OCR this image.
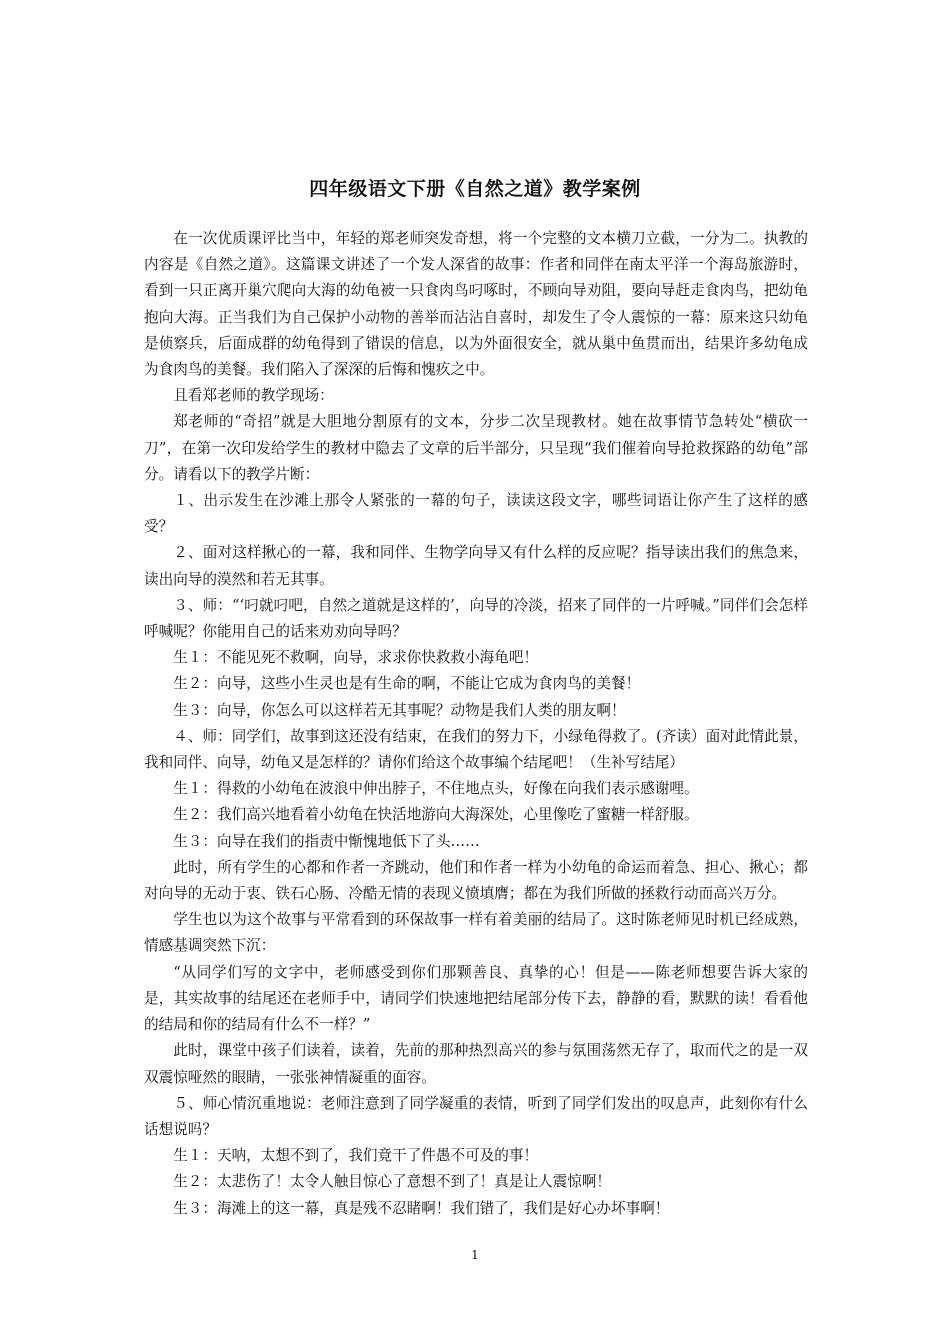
四年级语文下册《自然之道》教学案例

在一次优质课评比当中，年轻的郑老师突发奇想，将一个完整的文本横刀立截，一分为二。执教的内容是《自然之道》。这篇课文讲述了一个发人深省的故事：作者和同伴在南太平洋一个海岛旅游时，看到一只正离开巢穴爬向大海的幼龟被一只食肉鸟叼啄时，不顾向导劝阻，要向导赶走食肉鸟，把幼龟抱向大海。正当我们为自己保护小动物的善举而沾沾自喜时，却发生了令人震惊的一幕：原来这只幼龟是侦察兵，后面成群的幼龟得到了错误的信息，以为外面很安全，就从巢中鱼贯而出，结果许多幼龟成为食肉鸟的美餐。我们陷入了深深的后悔和愧疚之中。

且看郑老师的教学现场：

郑老师的“奇招”就是大胆地分割原有的文本，分步二次呈现教材。她在故事情节急转处“横砍一刀”，在第一次印发给学生的教材中隐去了文章的后半部分，只呈现“我们催着向导抢救探路的幼龟”部分。请看以下的教学片断：

１、出示发生在沙滩上那令人紧张的一幕的句子，读读这段文字，哪些词语让你产生了这样的感受？

２、面对这样揪心的一幕，我和同伴、生物学向导又有什么样的反应呢？指导读出我们的焦急来，读出向导的漠然和若无其事。

３、师：“‘叼就叼吧，自然之道就是这样的’，向导的冷淡，招来了同伴的一片呼喊。”同伴们会怎样呼喊呢？你能用自己的话来劝劝向导吗？

生１：不能见死不救啊，向导，求求你快救救小海龟吧！

生２：向导，这些小生灵也是有生命的啊，不能让它成为食肉鸟的美餐！

生３：向导，你怎么可以这样若无其事呢？动物是我们人类的朋友啊！

４、师：同学们，故事到这还没有结束，在我们的努力下，小绿龟得救了。(齐读）面对此情此景，我和同伴、向导，幼龟又是怎样的？请你们给这个故事编个结尾吧！（生补写结尾）

生１：得救的小幼龟在波浪中伸出脖子，不住地点头，好像在向我们表示感谢哩。

生２：我们高兴地看着小幼龟在快活地游向大海深处，心里像吃了蜜糖一样舒服。

生３：向导在我们的指责中惭愧地低下了头……

此时，所有学生的心都和作者一齐跳动，他们和作者一样为小幼龟的命运而着急、担心、揪心；都对向导的无动于衷、铁石心肠、冷酷无情的表现义愤填膺；都在为我们所做的拯救行动而高兴万分。

学生也以为这个故事与平常看到的环保故事一样有着美丽的结局了。这时陈老师见时机已经成熟，情感基调突然下沉：

“从同学们写的文字中，老师感受到你们那颗善良、真挚的心！但是——陈老师想要告诉大家的是，其实故事的结尾还在老师手中，请同学们快速地把结尾部分传下去，静静的看，默默的读！看看他的结局和你的结局有什么不一样？”

此时，课堂中孩子们读着，读着，先前的那种热烈高兴的参与氛围荡然无存了，取而代之的是一双双震惊哑然的眼睛，一张张神情凝重的面容。

５、师心情沉重地说：老师注意到了同学凝重的表情，听到了同学们发出的叹息声，此刻你有什么话想说吗？

生１：天呐，太想不到了，我们竟干了件愚不可及的事！

生２：太悲伤了！太令人触目惊心了意想不到了！真是让人震惊啊！

生３：海滩上的这一幕，真是残不忍睹啊！我们错了，我们是好心办坏事啊！

1
